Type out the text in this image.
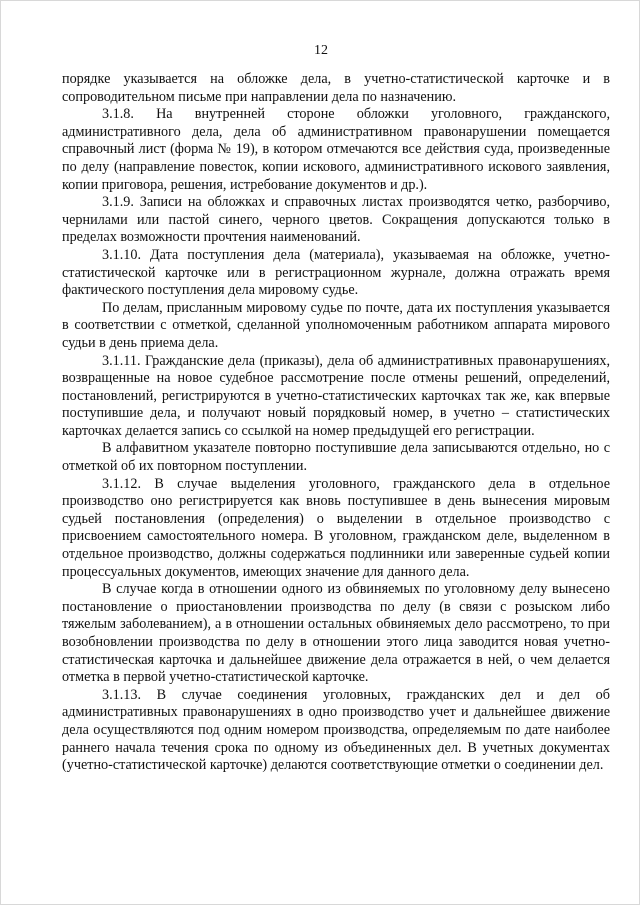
12

порядке указывается на обложке дела, в учетно-статистической карточке и в сопроводительном письме при направлении дела по назначению.

3.1.8. На внутренней стороне обложки уголовного, гражданского, административного дела, дела об административном правонарушении помещается справочный лист (форма № 19), в котором отмечаются все действия суда, произведенные по делу (направление повесток, копии искового, административного искового заявления, копии приговора, решения, истребование документов и др.).

3.1.9. Записи на обложках и справочных листах производятся четко, разборчиво, чернилами или пастой синего, черного цветов. Сокращения допускаются только в пределах возможности прочтения наименований.

3.1.10. Дата поступления дела (материала), указываемая на обложке, учетно-статистической карточке или в регистрационном журнале, должна отражать время фактического поступления дела мировому судье.

По делам, присланным мировому судье по почте, дата их поступления указывается в соответствии с отметкой, сделанной уполномоченным работником аппарата мирового судьи в день приема дела.

3.1.11. Гражданские дела (приказы), дела об административных правонарушениях, возвращенные на новое судебное рассмотрение после отмены решений, определений, постановлений, регистрируются в учетно-статистических карточках так же, как впервые поступившие дела, и получают новый порядковый номер, в учетно – статистических карточках делается запись со ссылкой на номер предыдущей его регистрации.

В алфавитном указателе повторно поступившие дела записываются отдельно, но с отметкой об их повторном поступлении.

3.1.12. В случае выделения уголовного, гражданского дела в отдельное производство оно регистрируется как вновь поступившее в день вынесения мировым судьей постановления (определения) о выделении в отдельное производство с присвоением самостоятельного номера. В уголовном, гражданском деле, выделенном в отдельное производство, должны содержаться подлинники или заверенные судьей копии процессуальных документов, имеющих значение для данного дела.

В случае когда в отношении одного из обвиняемых по уголовному делу вынесено постановление о приостановлении производства по делу (в связи с розыском либо тяжелым заболеванием), а в отношении остальных обвиняемых дело рассмотрено, то при возобновлении производства по делу в отношении этого лица заводится новая учетно-статистическая карточка и дальнейшее движение дела отражается в ней, о чем делается отметка в первой учетно-статистической карточке.

3.1.13. В случае соединения уголовных, гражданских дел и дел об административных правонарушениях в одно производство учет и дальнейшее движение дела осуществляются под одним номером производства, определяемым по дате наиболее раннего начала течения срока по одному из объединенных дел. В учетных документах (учетно-статистической карточке) делаются соответствующие отметки о соединении дел.
